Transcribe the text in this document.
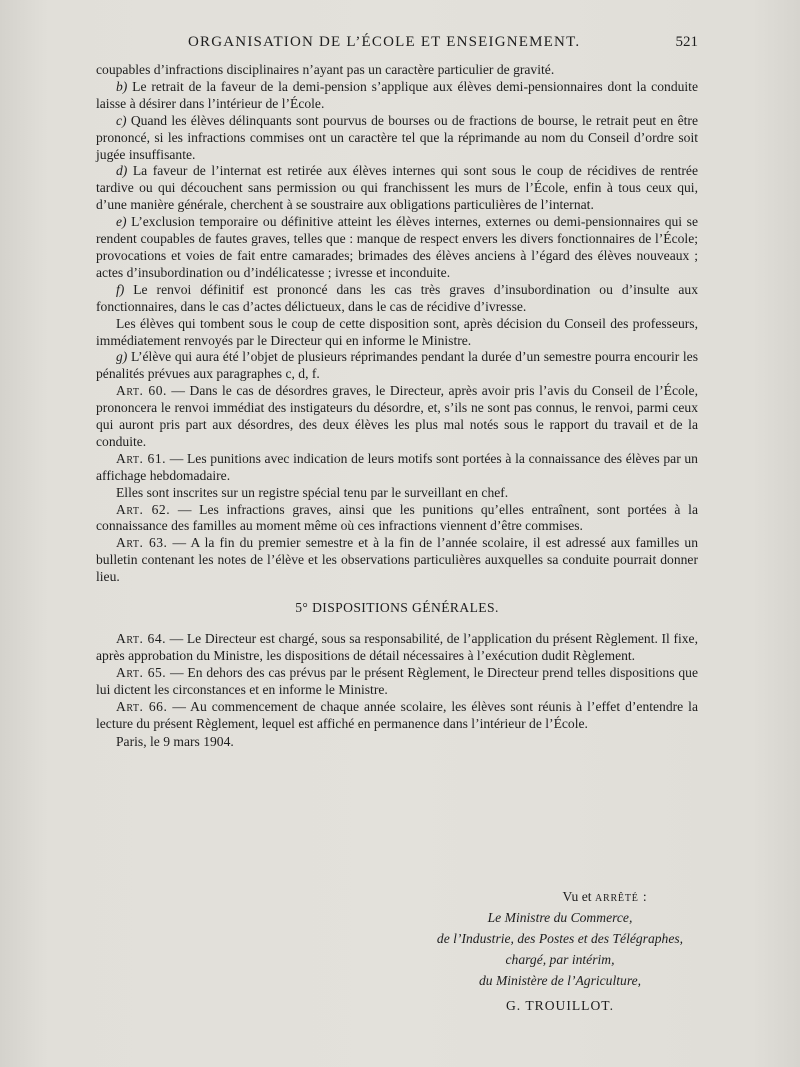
ORGANISATION DE L’ÉCOLE ET ENSEIGNEMENT.	521

coupables d’infractions disciplinaires n’ayant pas un caractère particulier de gravité.

b) Le retrait de la faveur de la demi-pension s’applique aux élèves demi-pensionnaires dont la conduite laisse à désirer dans l’intérieur de l’École.

c) Quand les élèves délinquants sont pourvus de bourses ou de fractions de bourse, le retrait peut en être prononcé, si les infractions commises ont un caractère tel que la réprimande au nom du Conseil d’ordre soit jugée insuffisante.

d) La faveur de l’internat est retirée aux élèves internes qui sont sous le coup de récidives de rentrée tardive ou qui découchent sans permission ou qui franchissent les murs de l’École, enfin à tous ceux qui, d’une manière générale, cherchent à se soustraire aux obligations particulières de l’internat.

e) L’exclusion temporaire ou définitive atteint les élèves internes, externes ou demi-pensionnaires qui se rendent coupables de fautes graves, telles que : manque de respect envers les divers fonctionnaires de l’École; provocations et voies de fait entre camarades; brimades des élèves anciens à l’égard des élèves nouveaux ; actes d’insubordination ou d’indélicatesse ; ivresse et inconduite.

f) Le renvoi définitif est prononcé dans les cas très graves d’insubordination ou d’insulte aux fonctionnaires, dans le cas d’actes délictueux, dans le cas de récidive d’ivresse.

Les élèves qui tombent sous le coup de cette disposition sont, après décision du Conseil des professeurs, immédiatement renvoyés par le Directeur qui en informe le Ministre.

g) L’élève qui aura été l’objet de plusieurs réprimandes pendant la durée d’un semestre pourra encourir les pénalités prévues aux paragraphes c, d, f.

Art. 60. — Dans le cas de désordres graves, le Directeur, après avoir pris l’avis du Conseil de l’École, prononcera le renvoi immédiat des instigateurs du désordre, et, s’ils ne sont pas connus, le renvoi, parmi ceux qui auront pris part aux désordres, des deux élèves les plus mal notés sous le rapport du travail et de la conduite.

Art. 61. — Les punitions avec indication de leurs motifs sont portées à la connaissance des élèves par un affichage hebdomadaire.

Elles sont inscrites sur un registre spécial tenu par le surveillant en chef.

Art. 62. — Les infractions graves, ainsi que les punitions qu’elles entraînent, sont portées à la connaissance des familles au moment même où ces infractions viennent d’être commises.

Art. 63. — A la fin du premier semestre et à la fin de l’année scolaire, il est adressé aux familles un bulletin contenant les notes de l’élève et les observations particulières auxquelles sa conduite pourrait donner lieu.

5° DISPOSITIONS GÉNÉRALES.

Art. 64. — Le Directeur est chargé, sous sa responsabilité, de l’application du présent Règlement. Il fixe, après approbation du Ministre, les dispositions de détail nécessaires à l’exécution dudit Règlement.

Art. 65. — En dehors des cas prévus par le présent Règlement, le Directeur prend telles dispositions que lui dictent les circonstances et en informe le Ministre.

Art. 66. — Au commencement de chaque année scolaire, les élèves sont réunis à l’effet d’entendre la lecture du présent Règlement, lequel est affiché en permanence dans l’intérieur de l’École.

Paris, le 9 mars 1904.

Vu et arrêté :
Le Ministre du Commerce,
de l’Industrie, des Postes et des Télégraphes,
chargé, par intérim,
du Ministère de l’Agriculture,
G. TROUILLOT.
